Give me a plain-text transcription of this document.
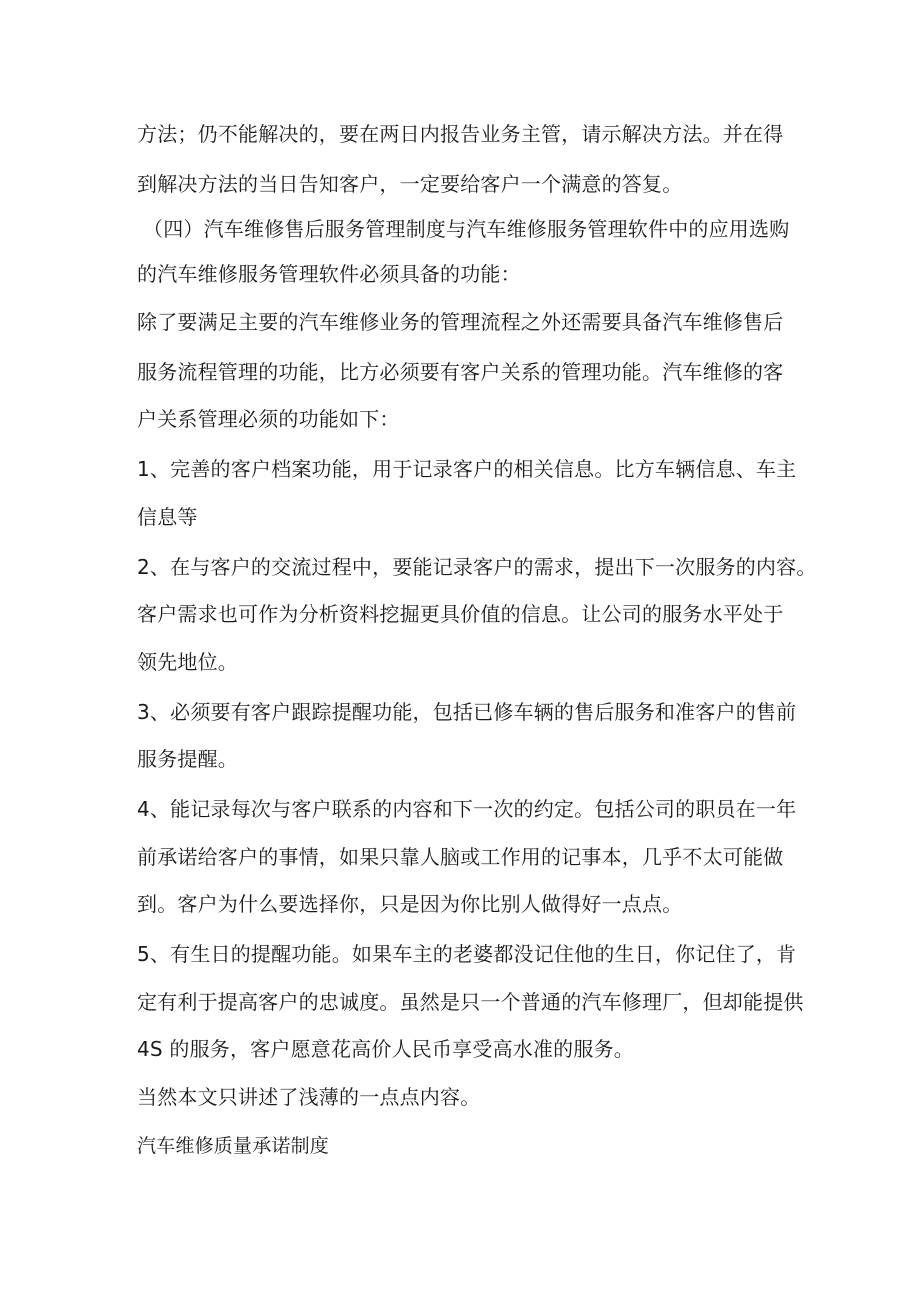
方法；仍不能解决的，要在两日内报告业务主管，请示解决方法。并在得
到解决方法的当日告知客户，一定要给客户一个满意的答复。
（四）汽车维修售后服务管理制度与汽车维修服务管理软件中的应用选购
的汽车维修服务管理软件必须具备的功能：
除了要满足主要的汽车维修业务的管理流程之外还需要具备汽车维修售后
服务流程管理的功能，比方必须要有客户关系的管理功能。汽车维修的客
户关系管理必须的功能如下：
1、完善的客户档案功能，用于记录客户的相关信息。比方车辆信息、车主
信息等
2、在与客户的交流过程中，要能记录客户的需求，提出下一次服务的内容。
客户需求也可作为分析资料挖掘更具价值的信息。让公司的服务水平处于
领先地位。
3、必须要有客户跟踪提醒功能，包括已修车辆的售后服务和准客户的售前
服务提醒。
4、能记录每次与客户联系的内容和下一次的约定。包括公司的职员在一年
前承诺给客户的事情，如果只靠人脑或工作用的记事本，几乎不太可能做
到。客户为什么要选择你，只是因为你比别人做得好一点点。
5、有生日的提醒功能。如果车主的老婆都没记住他的生日，你记住了，肯
定有利于提高客户的忠诚度。虽然是只一个普通的汽车修理厂，但却能提供
4S 的服务，客户愿意花高价人民币享受高水准的服务。
当然本文只讲述了浅薄的一点点内容。
汽车维修质量承诺制度
